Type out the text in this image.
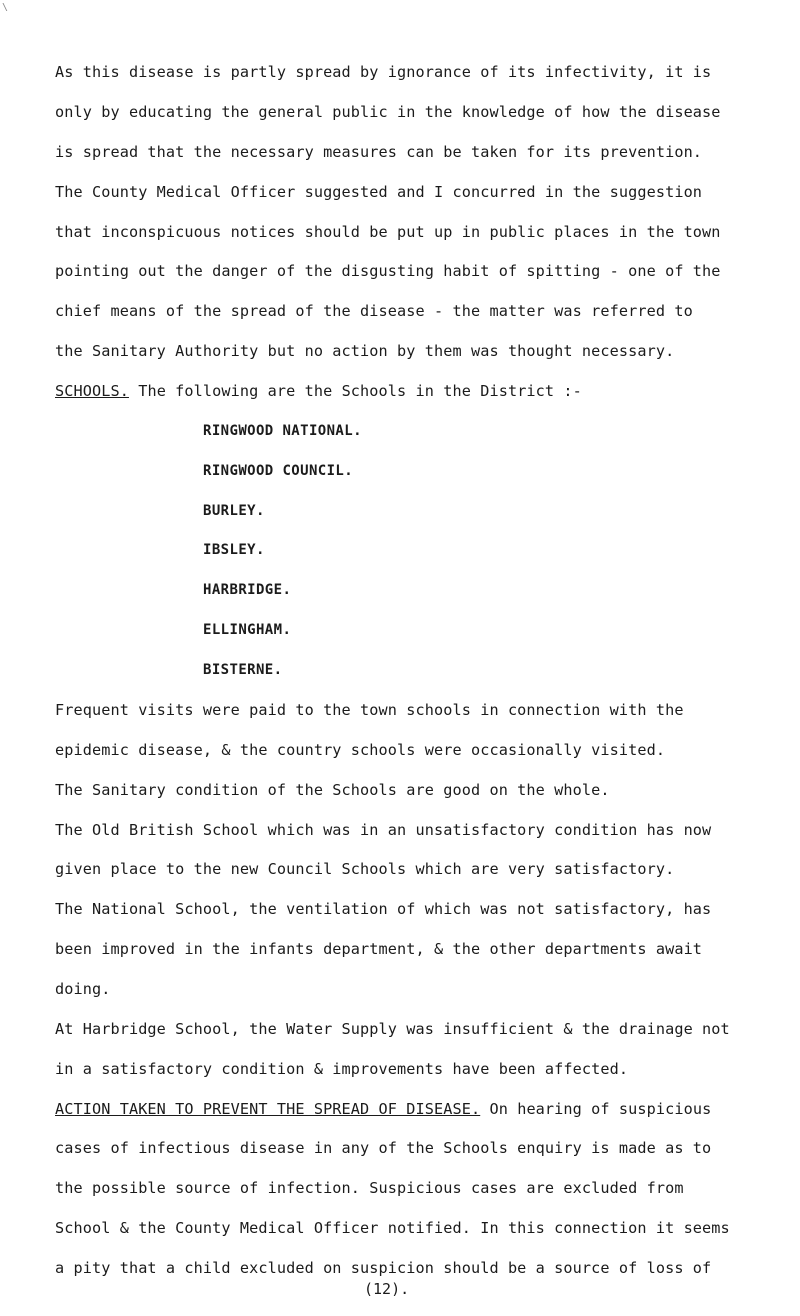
\
As this disease is partly spread by ignorance of its infectivity, it is
only by educating the general public in the knowledge of how the disease
is spread that the necessary measures can be taken for its prevention.
The County Medical Officer suggested and I concurred in the suggestion
that inconspicuous notices should be put up in public places in the town
pointing out the danger of the disgusting habit of spitting - one of the
chief means of the spread of the disease - the matter was referred to
the Sanitary Authority but no action by them was thought necessary.
SCHOOLS. The following are the Schools in the District :-
RINGWOOD NATIONAL.
RINGWOOD COUNCIL.
BURLEY.
IBSLEY.
HARBRIDGE.
ELLINGHAM.
BISTERNE.
Frequent visits were paid to the town schools in connection with the
epidemic disease, & the country schools were occasionally visited.
The Sanitary condition of the Schools are good on the whole.
The Old British School which was in an unsatisfactory condition has now
given place to the new Council Schools which are very satisfactory.
The National School, the ventilation of which was not satisfactory, has
been improved in the infants department, & the other departments await
doing.
At Harbridge School, the Water Supply was insufficient & the drainage not
in a satisfactory condition & improvements have been affected.
ACTION TAKEN TO PREVENT THE SPREAD OF DISEASE. On hearing of suspicious
cases of infectious disease in any of the Schools enquiry is made as to
(12).
the possible source of infection. Suspicious cases are excluded from
School & the County Medical Officer notified. In this connection it seems
a pity that a child excluded on suspicion should be a source of loss of
